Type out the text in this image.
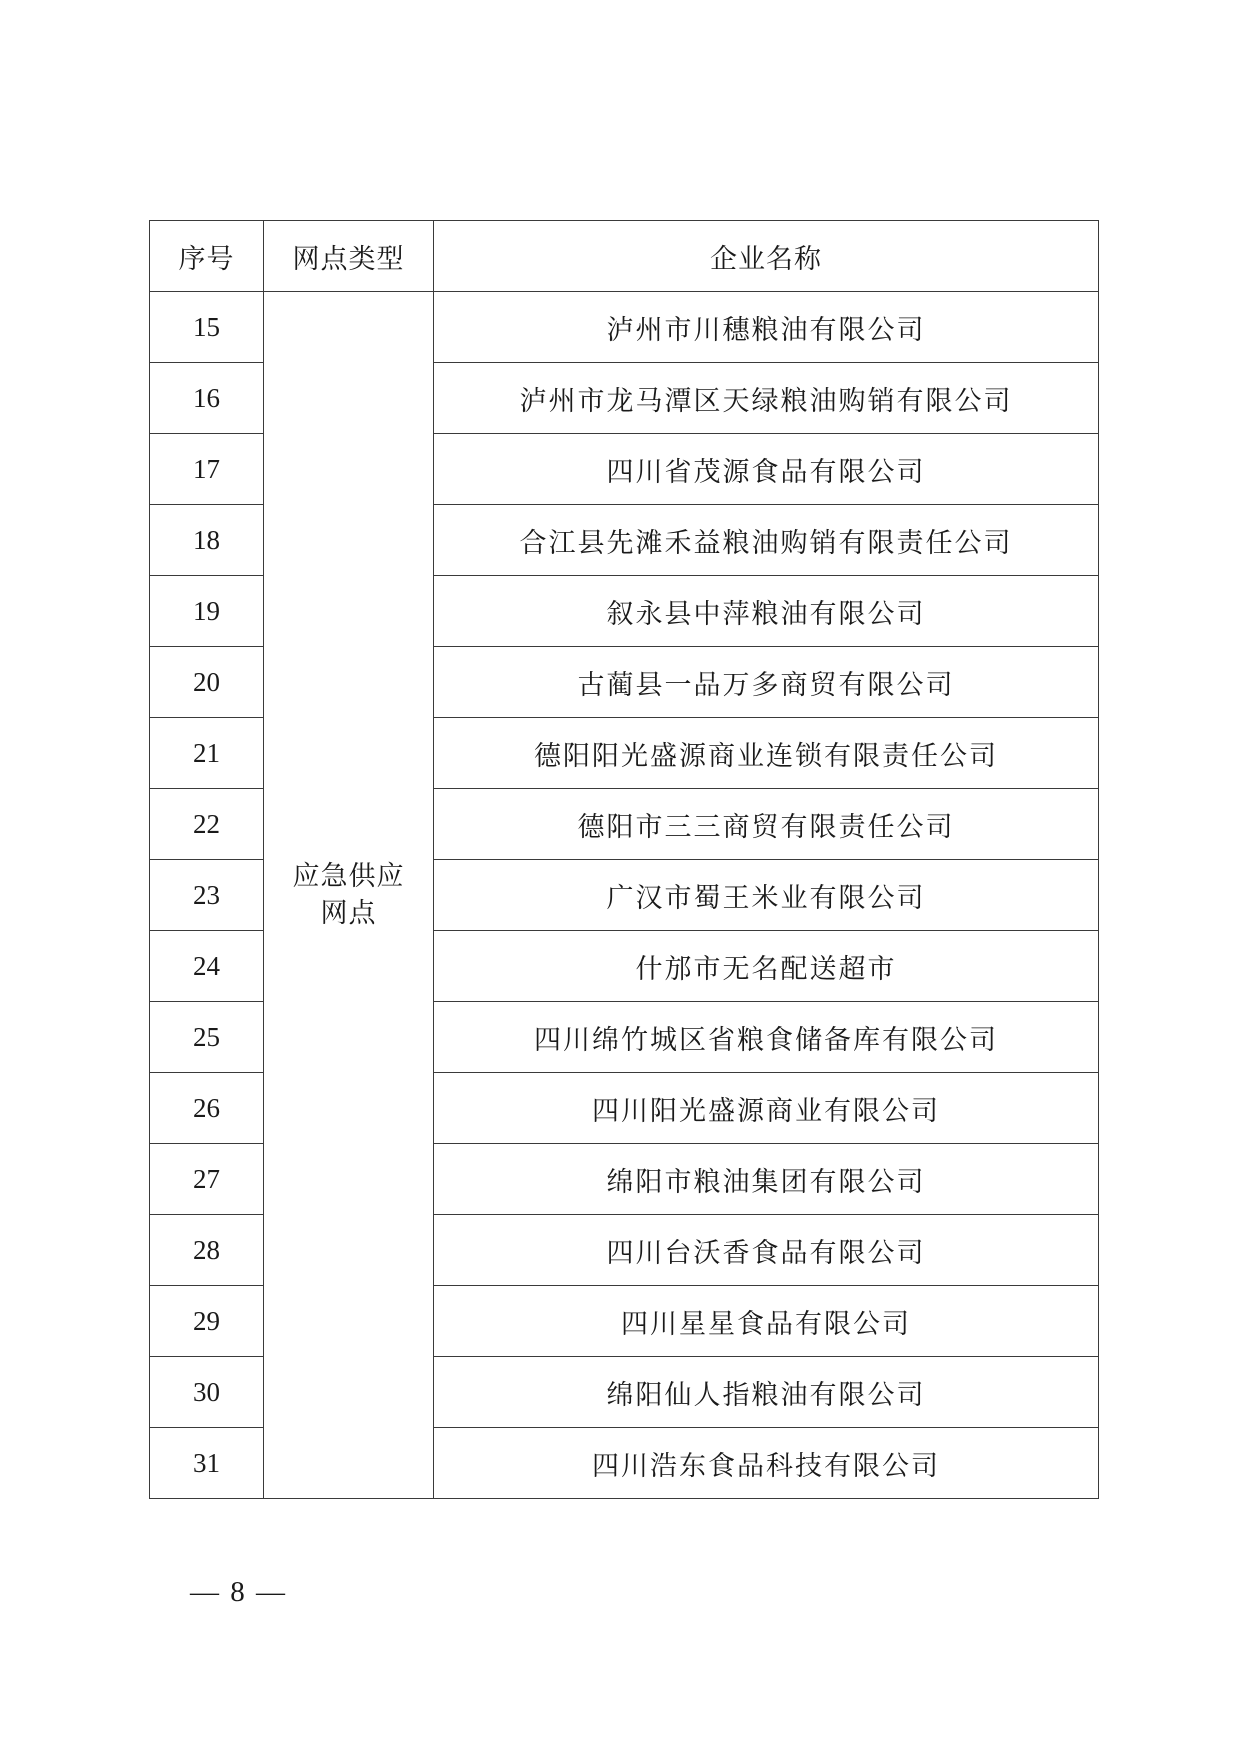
序号	网点类型	企业名称
15	应急供应网点	泸州市川穗粮油有限公司
16		泸州市龙马潭区天绿粮油购销有限公司
17		四川省茂源食品有限公司
18		合江县先滩禾益粮油购销有限责任公司
19		叙永县中萍粮油有限公司
20		古蔺县一品万多商贸有限公司
21		德阳阳光盛源商业连锁有限责任公司
22		德阳市三三商贸有限责任公司
23		广汉市蜀王米业有限公司
24		什邡市无名配送超市
25		四川绵竹城区省粮食储备库有限公司
26		四川阳光盛源商业有限公司
27		绵阳市粮油集团有限公司
28		四川台沃香食品有限公司
29		四川星星食品有限公司
30		绵阳仙人指粮油有限公司
31		四川浩东食品科技有限公司
— 8 —
